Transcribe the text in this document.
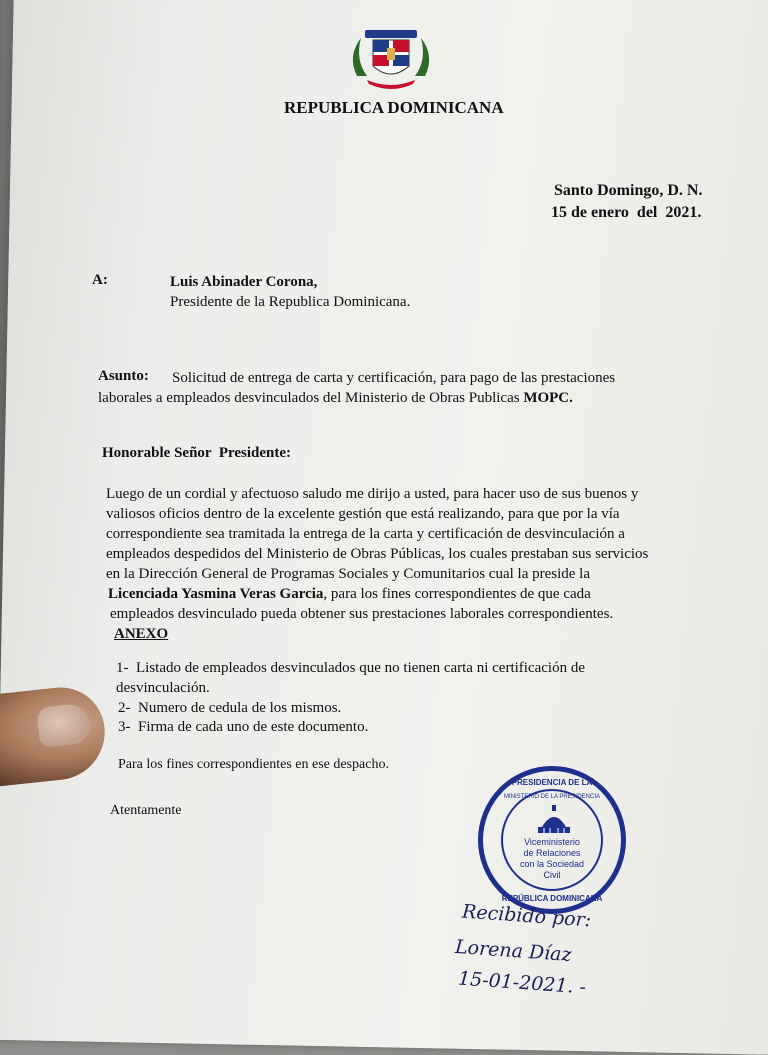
REPUBLICA DOMINICANA
Santo Domingo, D. N.
15 de enero  del  2021.
A:	Luis Abinader Corona,
Presidente de la Republica Dominicana.
Asunto: Solicitud de entrega de carta y certificación, para pago de las prestaciones
laborales a empleados desvinculados del Ministerio de Obras Publicas MOPC.
Honorable Señor  Presidente:
Luego de un cordial y afectuoso saludo me dirijo a usted, para hacer uso de sus buenos y
valiosos oficios dentro de la excelente gestión que está realizando, para que por la vía
correspondiente sea tramitada la entrega de la carta y certificación de desvinculación a
empleados despedidos del Ministerio de Obras Públicas, los cuales prestaban sus servicios
en la Dirección General de Programas Sociales y Comunitarios cual la preside la
Licenciada Yasmina Veras Garcia, para los fines correspondientes de que cada
empleados desvinculado pueda obtener sus prestaciones laborales correspondientes.
ANEXO
1-  Listado de empleados desvinculados que no tienen carta ni certificación de
desvinculación.
2-  Numero de cedula de los mismos.
3-  Firma de cada uno de este documento.
Para los fines correspondientes en ese despacho.
Atentamente
PRESIDENCIA DE LA
MINISTERIO DE LA PRESIDENCIA
Viceministerio
de Relaciones
con la Sociedad
Civil
REPÚBLICA DOMINICANA
Recibido por:
Lorena Díaz
15-01-2021. -
